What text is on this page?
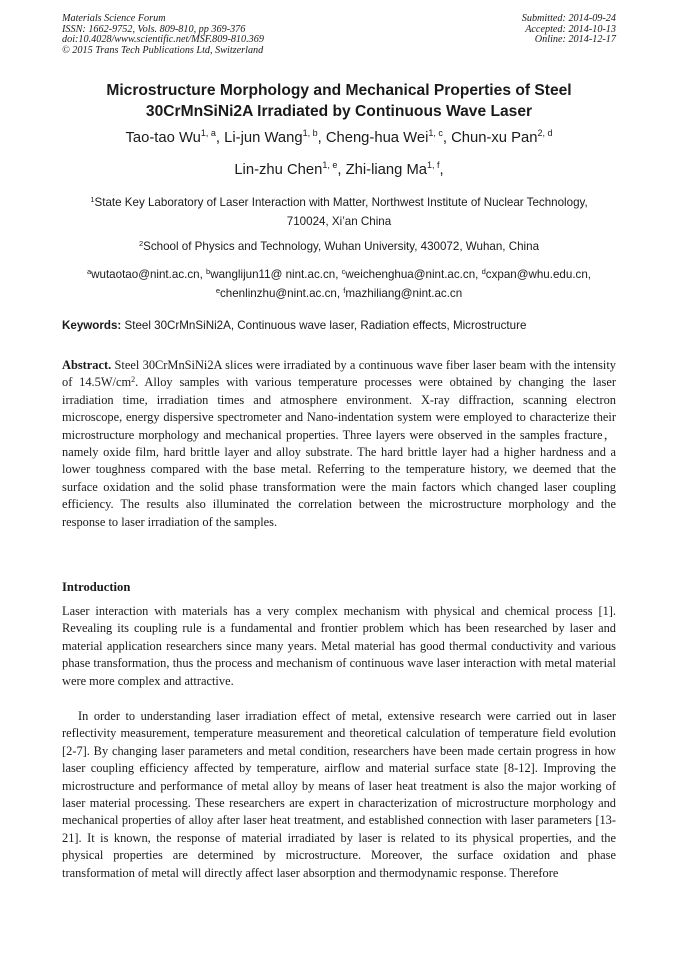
Materials Science Forum
ISSN: 1662-9752, Vols. 809-810, pp 369-376
doi:10.4028/www.scientific.net/MSF.809-810.369
© 2015 Trans Tech Publications Ltd, Switzerland
Submitted: 2014-09-24
Accepted: 2014-10-13
Online: 2014-12-17
Microstructure Morphology and Mechanical Properties of Steel
30CrMnSiNi2A Irradiated by Continuous Wave Laser
Tao-tao Wu$^{1, a}$, Li-jun Wang$^{1, b}$, Cheng-hua Wei$^{1, c}$, Chun-xu Pan$^{2, d}$
Lin-zhu Chen$^{1, e}$, Zhi-liang Ma$^{1, f}$,
$^1$State Key Laboratory of Laser Interaction with Matter, Northwest Institute of Nuclear Technology,
710024, Xi’an China
$^2$School of Physics and Technology, Wuhan University, 430072, Wuhan, China
$^a$wutaotao@nint.ac.cn, $^b$wanglijun11@ nint.ac.cn, $^c$weichenghua@nint.ac.cn, $^d$cxpan@whu.edu.cn,
$^e$chenlinzhu@nint.ac.cn, $^f$mazhiliang@nint.ac.cn
Keywords: Steel 30CrMnSiNi2A, Continuous wave laser, Radiation effects, Microstructure

Abstract. Steel 30CrMnSiNi2A slices were irradiated by a continuous wave fiber laser beam with the intensity of $14.5W/cm^2$. Alloy samples with various temperature processes were obtained by changing the laser irradiation time, irradiation times and atmosphere environment. X-ray diffraction, scanning electron microscope, energy dispersive spectrometer and Nano-indentation system were employed to characterize their microstructure morphology and mechanical properties. Three layers were observed in the samples fracture，namely oxide film, hard brittle layer and alloy substrate. The hard brittle layer had a higher hardness and a lower toughness compared with the base metal. Referring to the temperature history, we deemed that the surface oxidation and the solid phase transformation were the main factors which changed laser coupling efficiency. The results also illuminated the correlation between the microstructure morphology and the response to laser irradiation of the samples.

Introduction

Laser interaction with materials has a very complex mechanism with physical and chemical process [1]. Revealing its coupling rule is a fundamental and frontier problem which has been researched by laser and material application researchers since many years. Metal material has good thermal conductivity and various phase transformation, thus the process and mechanism of continuous wave laser interaction with metal material were more complex and attractive.

In order to understanding laser irradiation effect of metal, extensive research were carried out in laser reflectivity measurement, temperature measurement and theoretical calculation of temperature field evolution [2-7]. By changing laser parameters and metal condition, researchers have been made certain progress in how laser coupling efficiency affected by temperature, airflow and material surface state [8-12]. Improving the microstructure and performance of metal alloy by means of laser heat treatment is also the major working of laser material processing. These researchers are expert in characterization of microstructure morphology and mechanical properties of alloy after laser heat treatment, and established connection with laser parameters [13-21]. It is known, the response of material irradiated by laser is related to its physical properties, and the physical properties are determined by microstructure. Moreover, the surface oxidation and phase transformation of metal will directly affect laser absorption and thermodynamic response. Therefore
